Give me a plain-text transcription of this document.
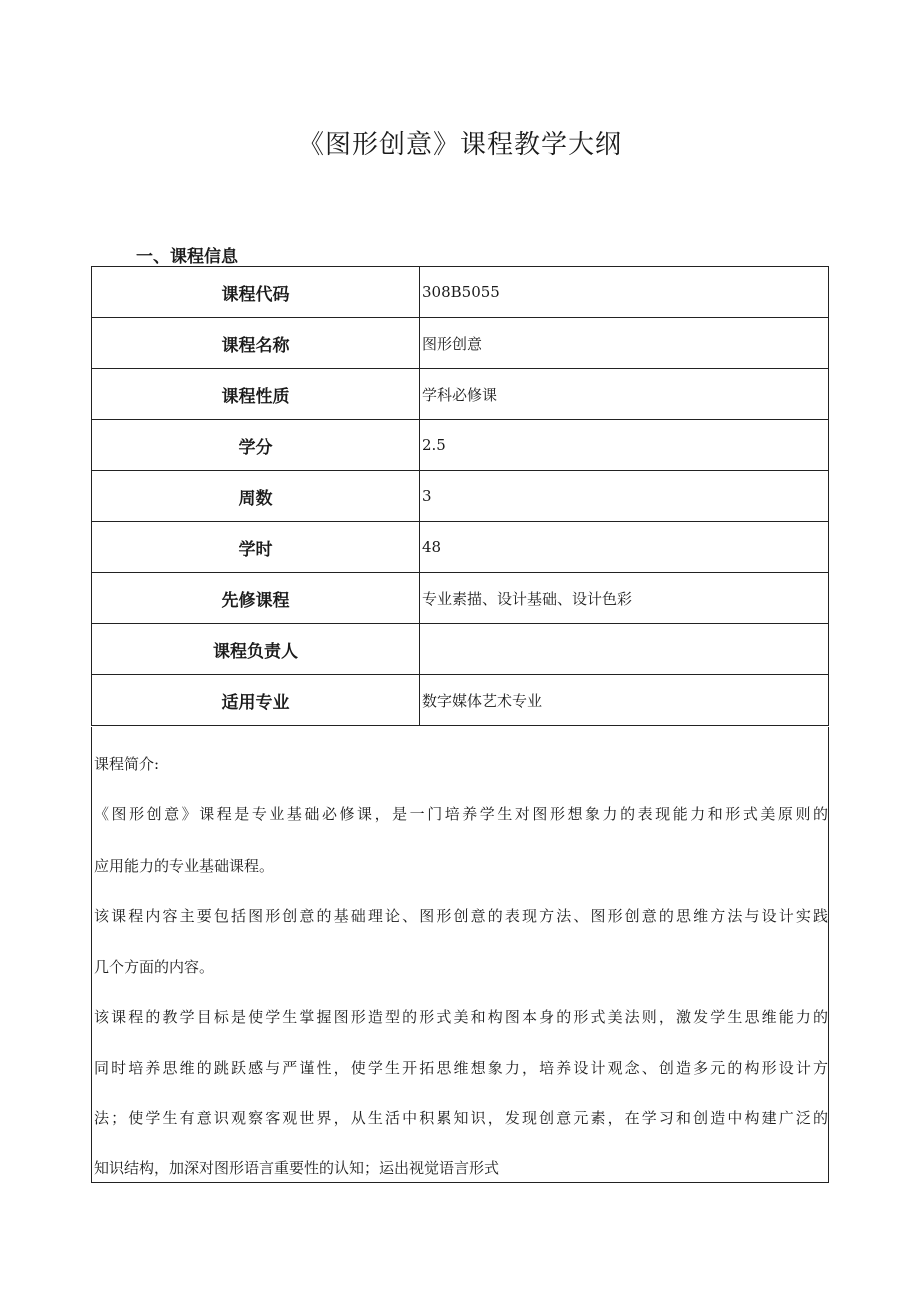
《图形创意》课程教学大纲
一、课程信息
课程代码	308B5055
课程名称	图形创意
课程性质	学科必修课
学分	2.5
周数	3
学时	48
先修课程	专业素描、设计基础、设计色彩
课程负责人	
适用专业	数字媒体艺术专业

课程简介:

《图形创意》课程是专业基础必修课，是一门培养学生对图形想象力的表现能力和形式美原则的

应用能力的专业基础课程。

该课程内容主要包括图形创意的基础理论、图形创意的表现方法、图形创意的思维方法与设计实践

几个方面的内容。

该课程的教学目标是使学生掌握图形造型的形式美和构图本身的形式美法则，激发学生思维能力的

同时培养思维的跳跃感与严谨性，使学生开拓思维想象力，培养设计观念、创造多元的构形设计方

法；使学生有意识观察客观世界，从生活中积累知识，发现创意元素，在学习和创造中构建广泛的

知识结构，加深对图形语言重要性的认知；运出视觉语言形式
